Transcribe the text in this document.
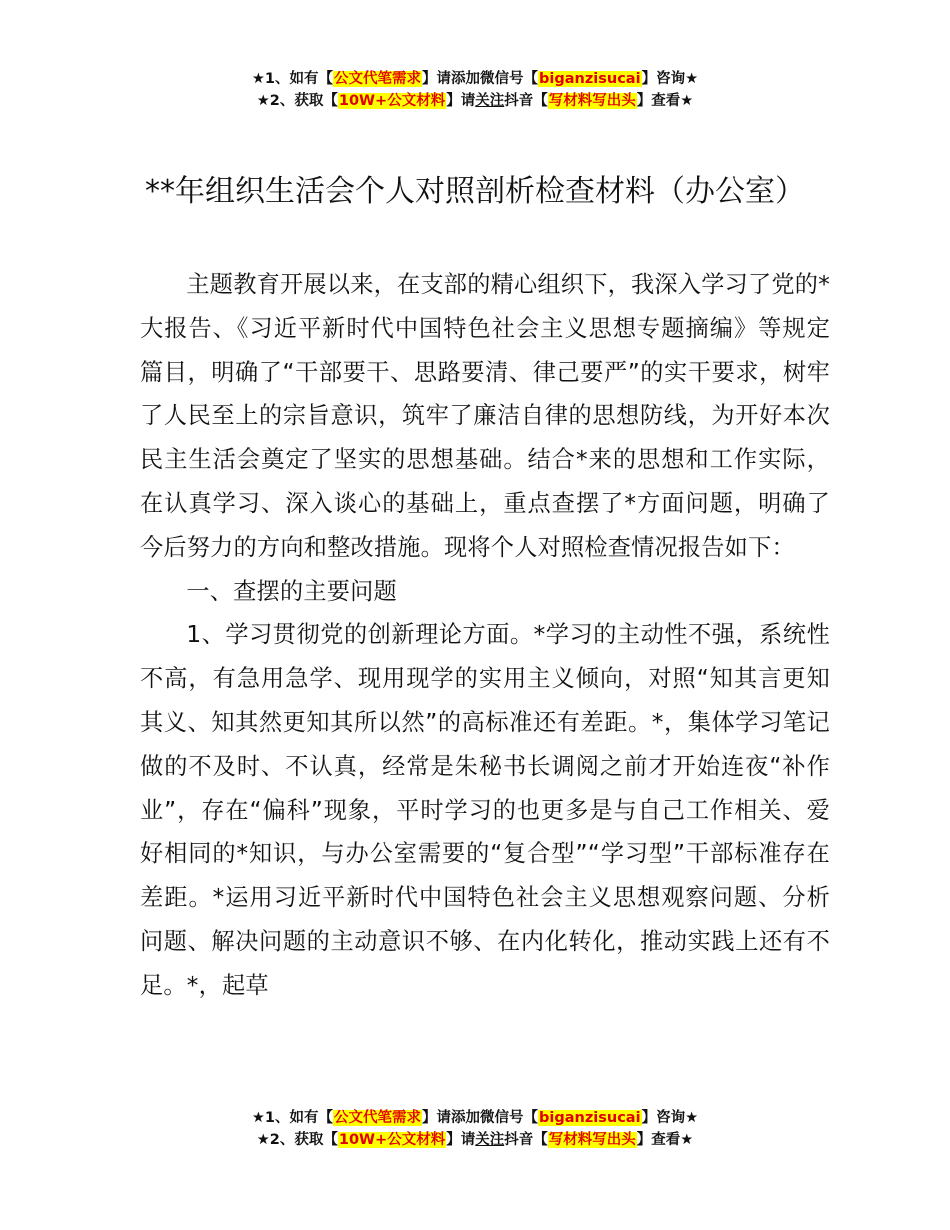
★1、如有【公文代笔需求】请添加微信号【biganzisucai】咨询★
★2、获取【10W+公文材料】请关注抖音【写材料写出头】查看★
**年组织生活会个人对照剖析检查材料（办公室）

主题教育开展以来，在支部的精心组织下，我深入学习了党的*大报告、《习近平新时代中国特色社会主义思想专题摘编》等规定篇目，明确了“干部要干、思路要清、律己要严”的实干要求，树牢了人民至上的宗旨意识，筑牢了廉洁自律的思想防线，为开好本次民主生活会奠定了坚实的思想基础。结合*来的思想和工作实际，在认真学习、深入谈心的基础上，重点查摆了*方面问题，明确了今后努力的方向和整改措施。现将个人对照检查情况报告如下：

一、查摆的主要问题

1、学习贯彻党的创新理论方面。*学习的主动性不强，系统性不高，有急用急学、现用现学的实用主义倾向，对照“知其言更知其义、知其然更知其所以然”的高标准还有差距。*，集体学习笔记做的不及时、不认真，经常是朱秘书长调阅之前才开始连夜“补作业”，存在“偏科”现象，平时学习的也更多是与自己工作相关、爱好相同的*知识，与办公室需要的“复合型”“学习型”干部标准存在差距。*运用习近平新时代中国特色社会主义思想观察问题、分析问题、解决问题的主动意识不够、在内化转化，推动实践上还有不足。*，起草

★1、如有【公文代笔需求】请添加微信号【biganzisucai】咨询★
★2、获取【10W+公文材料】请关注抖音【写材料写出头】查看★
